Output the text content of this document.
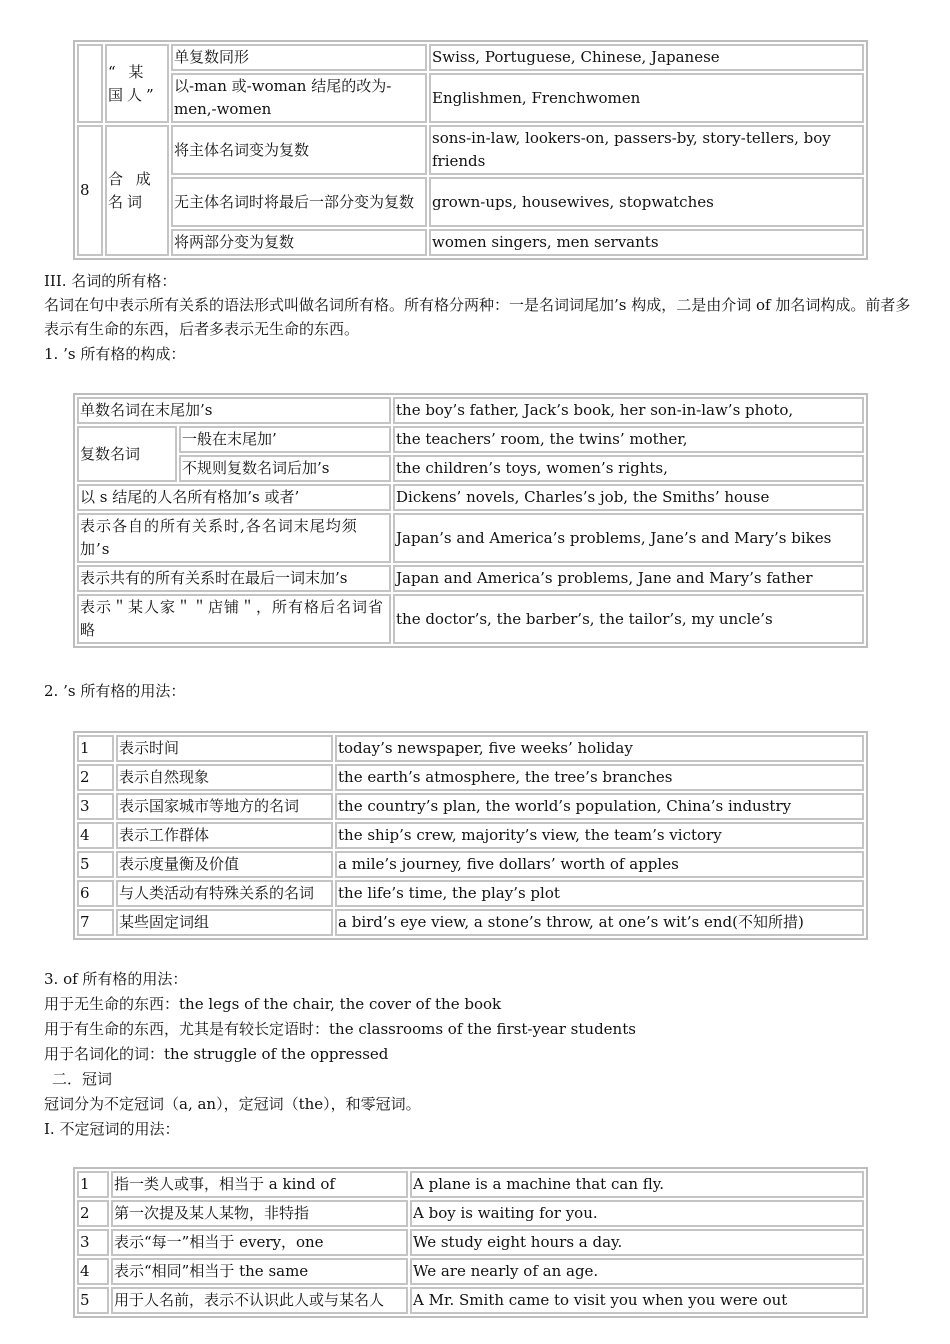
	“ 某 国人”	单复数同形	Swiss, Portuguese, Chinese, Japanese
		以-man 或-woman 结尾的改为-men,-women	Englishmen, Frenchwomen
8	合 成 名词	将主体名词变为复数	sons-in-law, lookers-on, passers-by, story-tellers, boy friends
		无主体名词时将最后一部分变为复数	grown-ups, housewives, stopwatches
		将两部分变为复数	women singers, men servants
III. 名词的所有格：
名词在句中表示所有关系的语法形式叫做名词所有格。所有格分两种：一是名词词尾加’s 构成，二是由介词 of 加名词构成。前者多表示有生命的东西，后者多表示无生命的东西。
1. ’s 所有格的构成：
单数名词在末尾加’s		the boy’s father, Jack’s book, her son-in-law’s photo,
复数名词	一般在末尾加’	the teachers’ room, the twins’ mother,
	不规则复数名词后加’s	the children’s toys, women’s rights,
以 s 结尾的人名所有格加’s 或者’		Dickens’ novels, Charles’s job, the Smiths’ house
表示各自的所有关系时,各名词末尾均须加’s		Japan’s and America’s problems, Jane’s and Mary’s bikes
表示共有的所有关系时在最后一词末加’s		Japan and America’s problems, Jane and Mary’s father
表示＂某人家＂＂店铺＂，所有格后名词省略		the doctor’s, the barber’s, the tailor’s, my uncle’s
2. ’s 所有格的用法：
1	表示时间	today’s newspaper, five weeks’ holiday
2	表示自然现象	the earth’s atmosphere, the tree’s branches
3	表示国家城市等地方的名词	the country’s plan, the world’s population, China’s industry
4	表示工作群体	the ship’s crew, majority’s view, the team’s victory
5	表示度量衡及价值	a mile’s journey, five dollars’ worth of apples
6	与人类活动有特殊关系的名词	the life’s time, the play’s plot
7	某些固定词组	a bird’s eye view, a stone’s throw, at one’s wit’s end(不知所措)
3. of 所有格的用法：
用于无生命的东西：the legs of the chair, the cover of the book
用于有生命的东西，尤其是有较长定语时：the classrooms of the first-year students
用于名词化的词：the struggle of the oppressed
二．冠词
冠词分为不定冠词（a, an），定冠词（the），和零冠词。
I. 不定冠词的用法：
1	指一类人或事，相当于 a kind of	A plane is a machine that can fly.
2	第一次提及某人某物，非特指	A boy is waiting for you.
3	表示“每一”相当于 every，one	We study eight hours a day.
4	表示“相同”相当于 the same	We are nearly of an age.
5	用于人名前，表示不认识此人或与某名人	A Mr. Smith came to visit you when you were out
